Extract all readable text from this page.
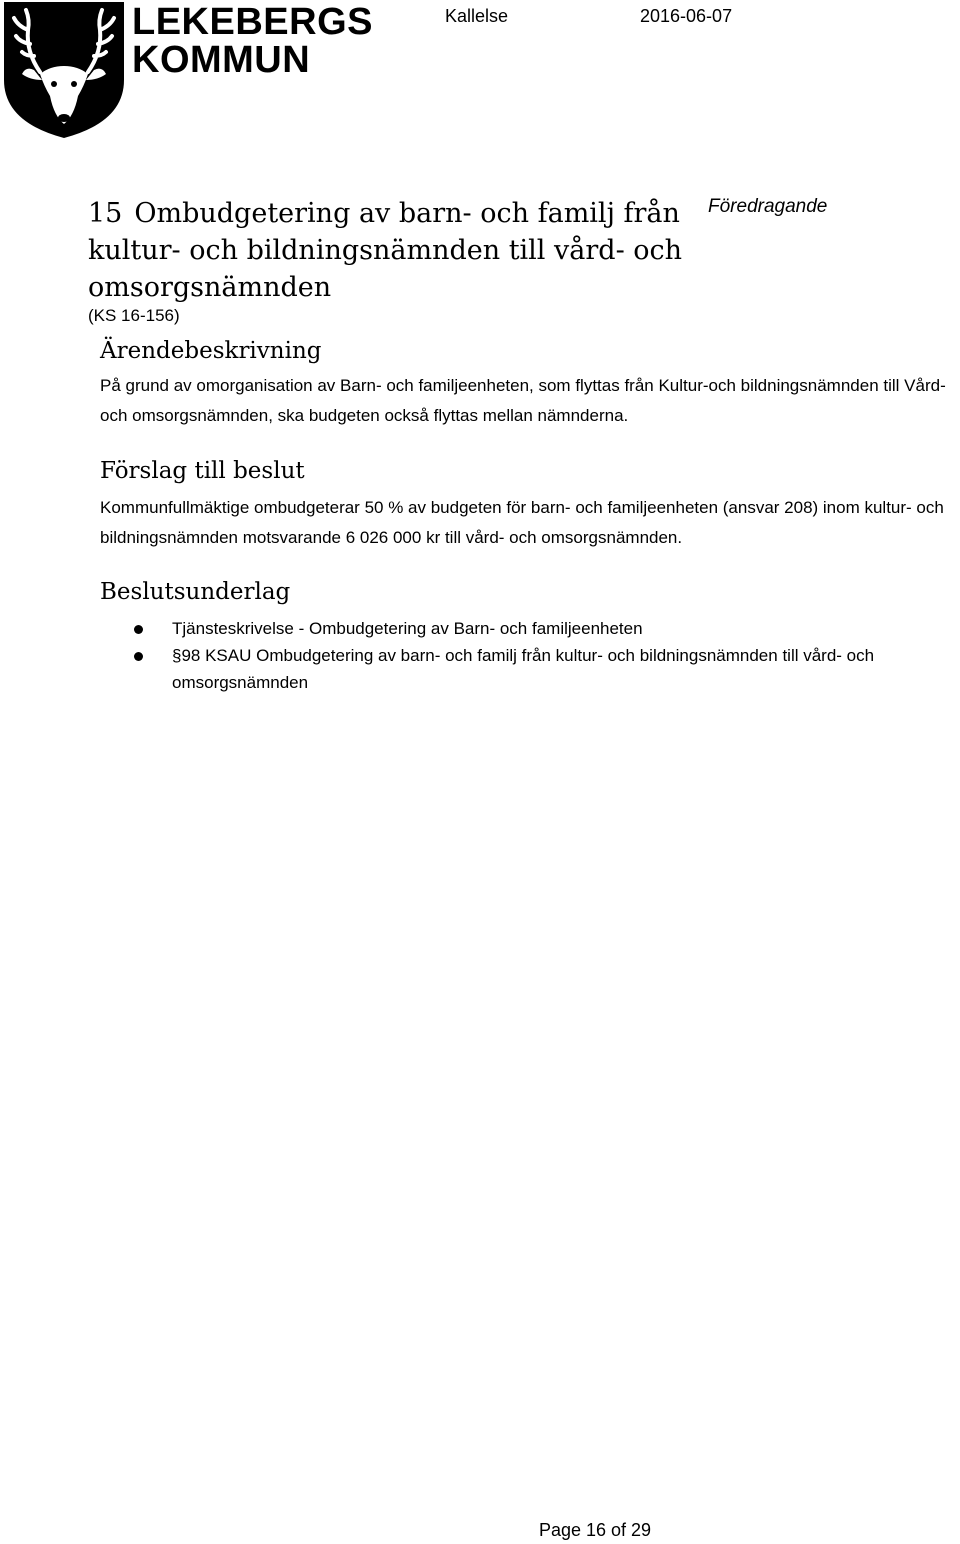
LEKEBERGS
KOMMUN
Kallelse	2016-06-07
15 Ombudgetering av barn- och familj från kultur- och bildningsnämnden till vård- och omsorgsnämnden
Föredragande
(KS 16-156)
Ärendebeskrivning
På grund av omorganisation av Barn- och familjeenheten, som flyttas från Kultur-och bildningsnämnden till Vård- och omsorgsnämnden, ska budgeten också flyttas mellan nämnderna.
Förslag till beslut
Kommunfullmäktige ombudgeterar 50 % av budgeten för barn- och familjeenheten (ansvar 208) inom kultur- och bildningsnämnden motsvarande 6 026 000 kr till vård- och omsorgsnämnden.
Beslutsunderlag
Tjänsteskrivelse - Ombudgetering av Barn- och familjeenheten
§98 KSAU Ombudgetering av barn- och familj från kultur- och bildningsnämnden till vård- och omsorgsnämnden
Page 16 of 29
